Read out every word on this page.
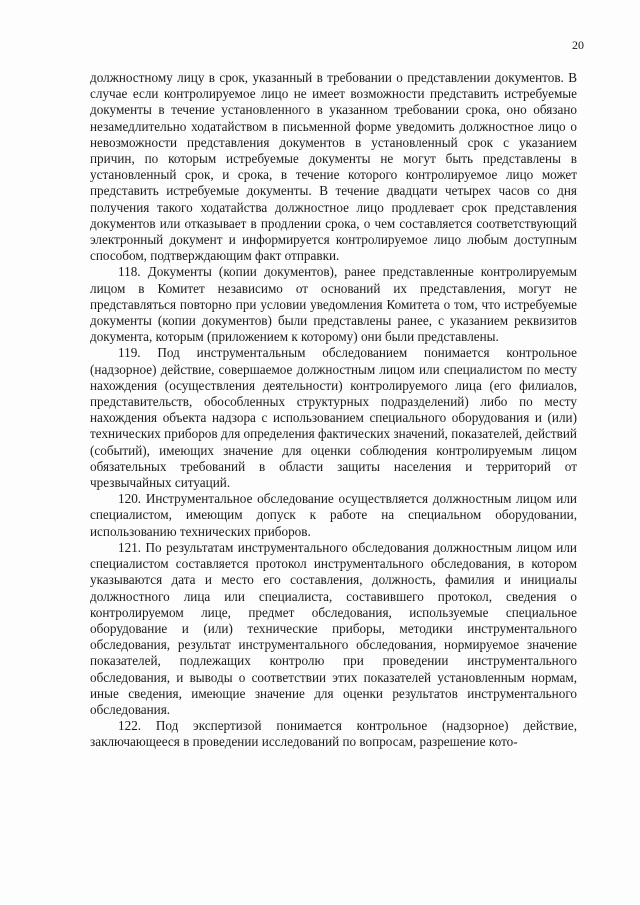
20

должностному лицу в срок, указанный в требовании о представлении документов. В случае если контролируемое лицо не имеет возможности представить истребуемые документы в течение установленного в указанном требовании срока, оно обязано незамедлительно ходатайством в письменной форме уведомить должностное лицо о невозможности представления документов в установленный срок с указанием причин, по которым истребуемые документы не могут быть представлены в установленный срок, и срока, в течение которого контролируемое лицо может представить истребуемые документы. В течение двадцати четырех часов со дня получения такого ходатайства должностное лицо продлевает срок представления документов или отказывает в продлении срока, о чем составляется соответствующий электронный документ и информируется контролируемое лицо любым доступным способом, подтверждающим факт отправки.

118. Документы (копии документов), ранее представленные контролируемым лицом в Комитет независимо от оснований их представления, могут не представляться повторно при условии уведомления Комитета о том, что истребуемые документы (копии документов) были представлены ранее, с указанием реквизитов документа, которым (приложением к которому) они были представлены.

119. Под инструментальным обследованием понимается контрольное (надзорное) действие, совершаемое должностным лицом или специалистом по месту нахождения (осуществления деятельности) контролируемого лица (его филиалов, представительств, обособленных структурных подразделений) либо по месту нахождения объекта надзора с использованием специального оборудования и (или) технических приборов для определения фактических значений, показателей, действий (событий), имеющих значение для оценки соблюдения контролируемым лицом обязательных требований в области защиты населения и территорий от чрезвычайных ситуаций.

120. Инструментальное обследование осуществляется должностным лицом или специалистом, имеющим допуск к работе на специальном оборудовании, использованию технических приборов.

121. По результатам инструментального обследования должностным лицом или специалистом составляется протокол инструментального обследования, в котором указываются дата и место его составления, должность, фамилия и инициалы должностного лица или специалиста, составившего протокол, сведения о контролируемом лице, предмет обследования, используемые специальное оборудование и (или) технические приборы, методики инструментального обследования, результат инструментального обследования, нормируемое значение показателей, подлежащих контролю при проведении инструментального обследования, и выводы о соответствии этих показателей установленным нормам, иные сведения, имеющие значение для оценки результатов инструментального обследования.

122. Под экспертизой понимается контрольное (надзорное) действие, заключающееся в проведении исследований по вопросам, разрешение кото-
